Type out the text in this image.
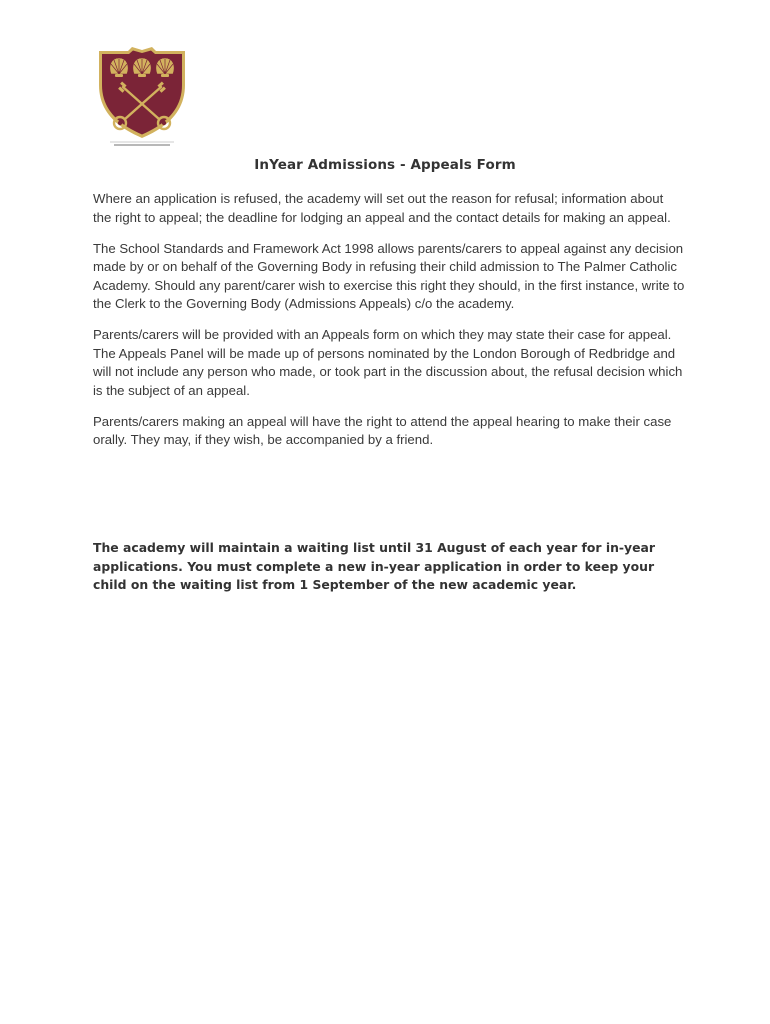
InYear Admissions - Appeals Form

Where an application is refused, the academy will set out the reason for refusal; information about the right to appeal; the deadline for lodging an appeal and the contact details for making an appeal.

The School Standards and Framework Act 1998 allows parents/carers to appeal against any decision made by or on behalf of the Governing Body in refusing their child admission to The Palmer Catholic Academy. Should any parent/carer wish to exercise this right they should, in the first instance, write to the Clerk to the Governing Body (Admissions Appeals) c/o the academy.

Parents/carers will be provided with an Appeals form on which they may state their case for appeal. The Appeals Panel will be made up of persons nominated by the London Borough of Redbridge and will not include any person who made, or took part in the discussion about, the refusal decision which is the subject of an appeal.

Parents/carers making an appeal will have the right to attend the appeal hearing to make their case orally. They may, if they wish, be accompanied by a friend.

The academy will maintain a waiting list until 31 August of each year for in-year applications. You must complete a new in-year application in order to keep your child on the waiting list from 1 September of the new academic year.
